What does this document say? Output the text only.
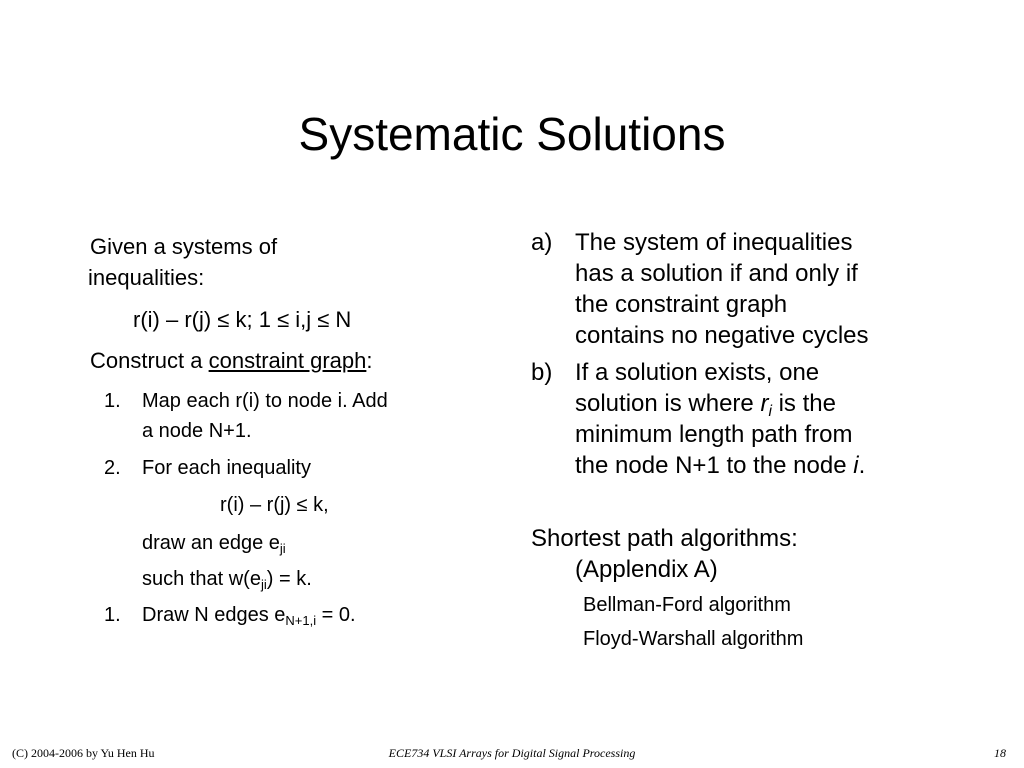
Systematic Solutions
Given a systems of
inequalities:
r(i) – r(j) ≤ k; 1 ≤ i,j ≤ N
Construct a constraint graph:
1. Map each r(i) to node i. Add
a node N+1.
2. For each inequality
r(i) – r(j) ≤ k,
draw an edge $e_{ji}$
such that $w(e_{ji}) = k$.
1. Draw N edges $e_{N+1,i} = 0$.
a) The system of inequalities
has a solution if and only if
the constraint graph
contains no negative cycles
b) If a solution exists, one
solution is where $r_i$ is the
minimum length path from
the node N+1 to the node i.
Shortest path algorithms:
(Applendix A)
Bellman-Ford algorithm
Floyd-Warshall algorithm
(C) 2004-2006 by Yu Hen Hu	ECE734 VLSI Arrays for Digital Signal Processing	18
